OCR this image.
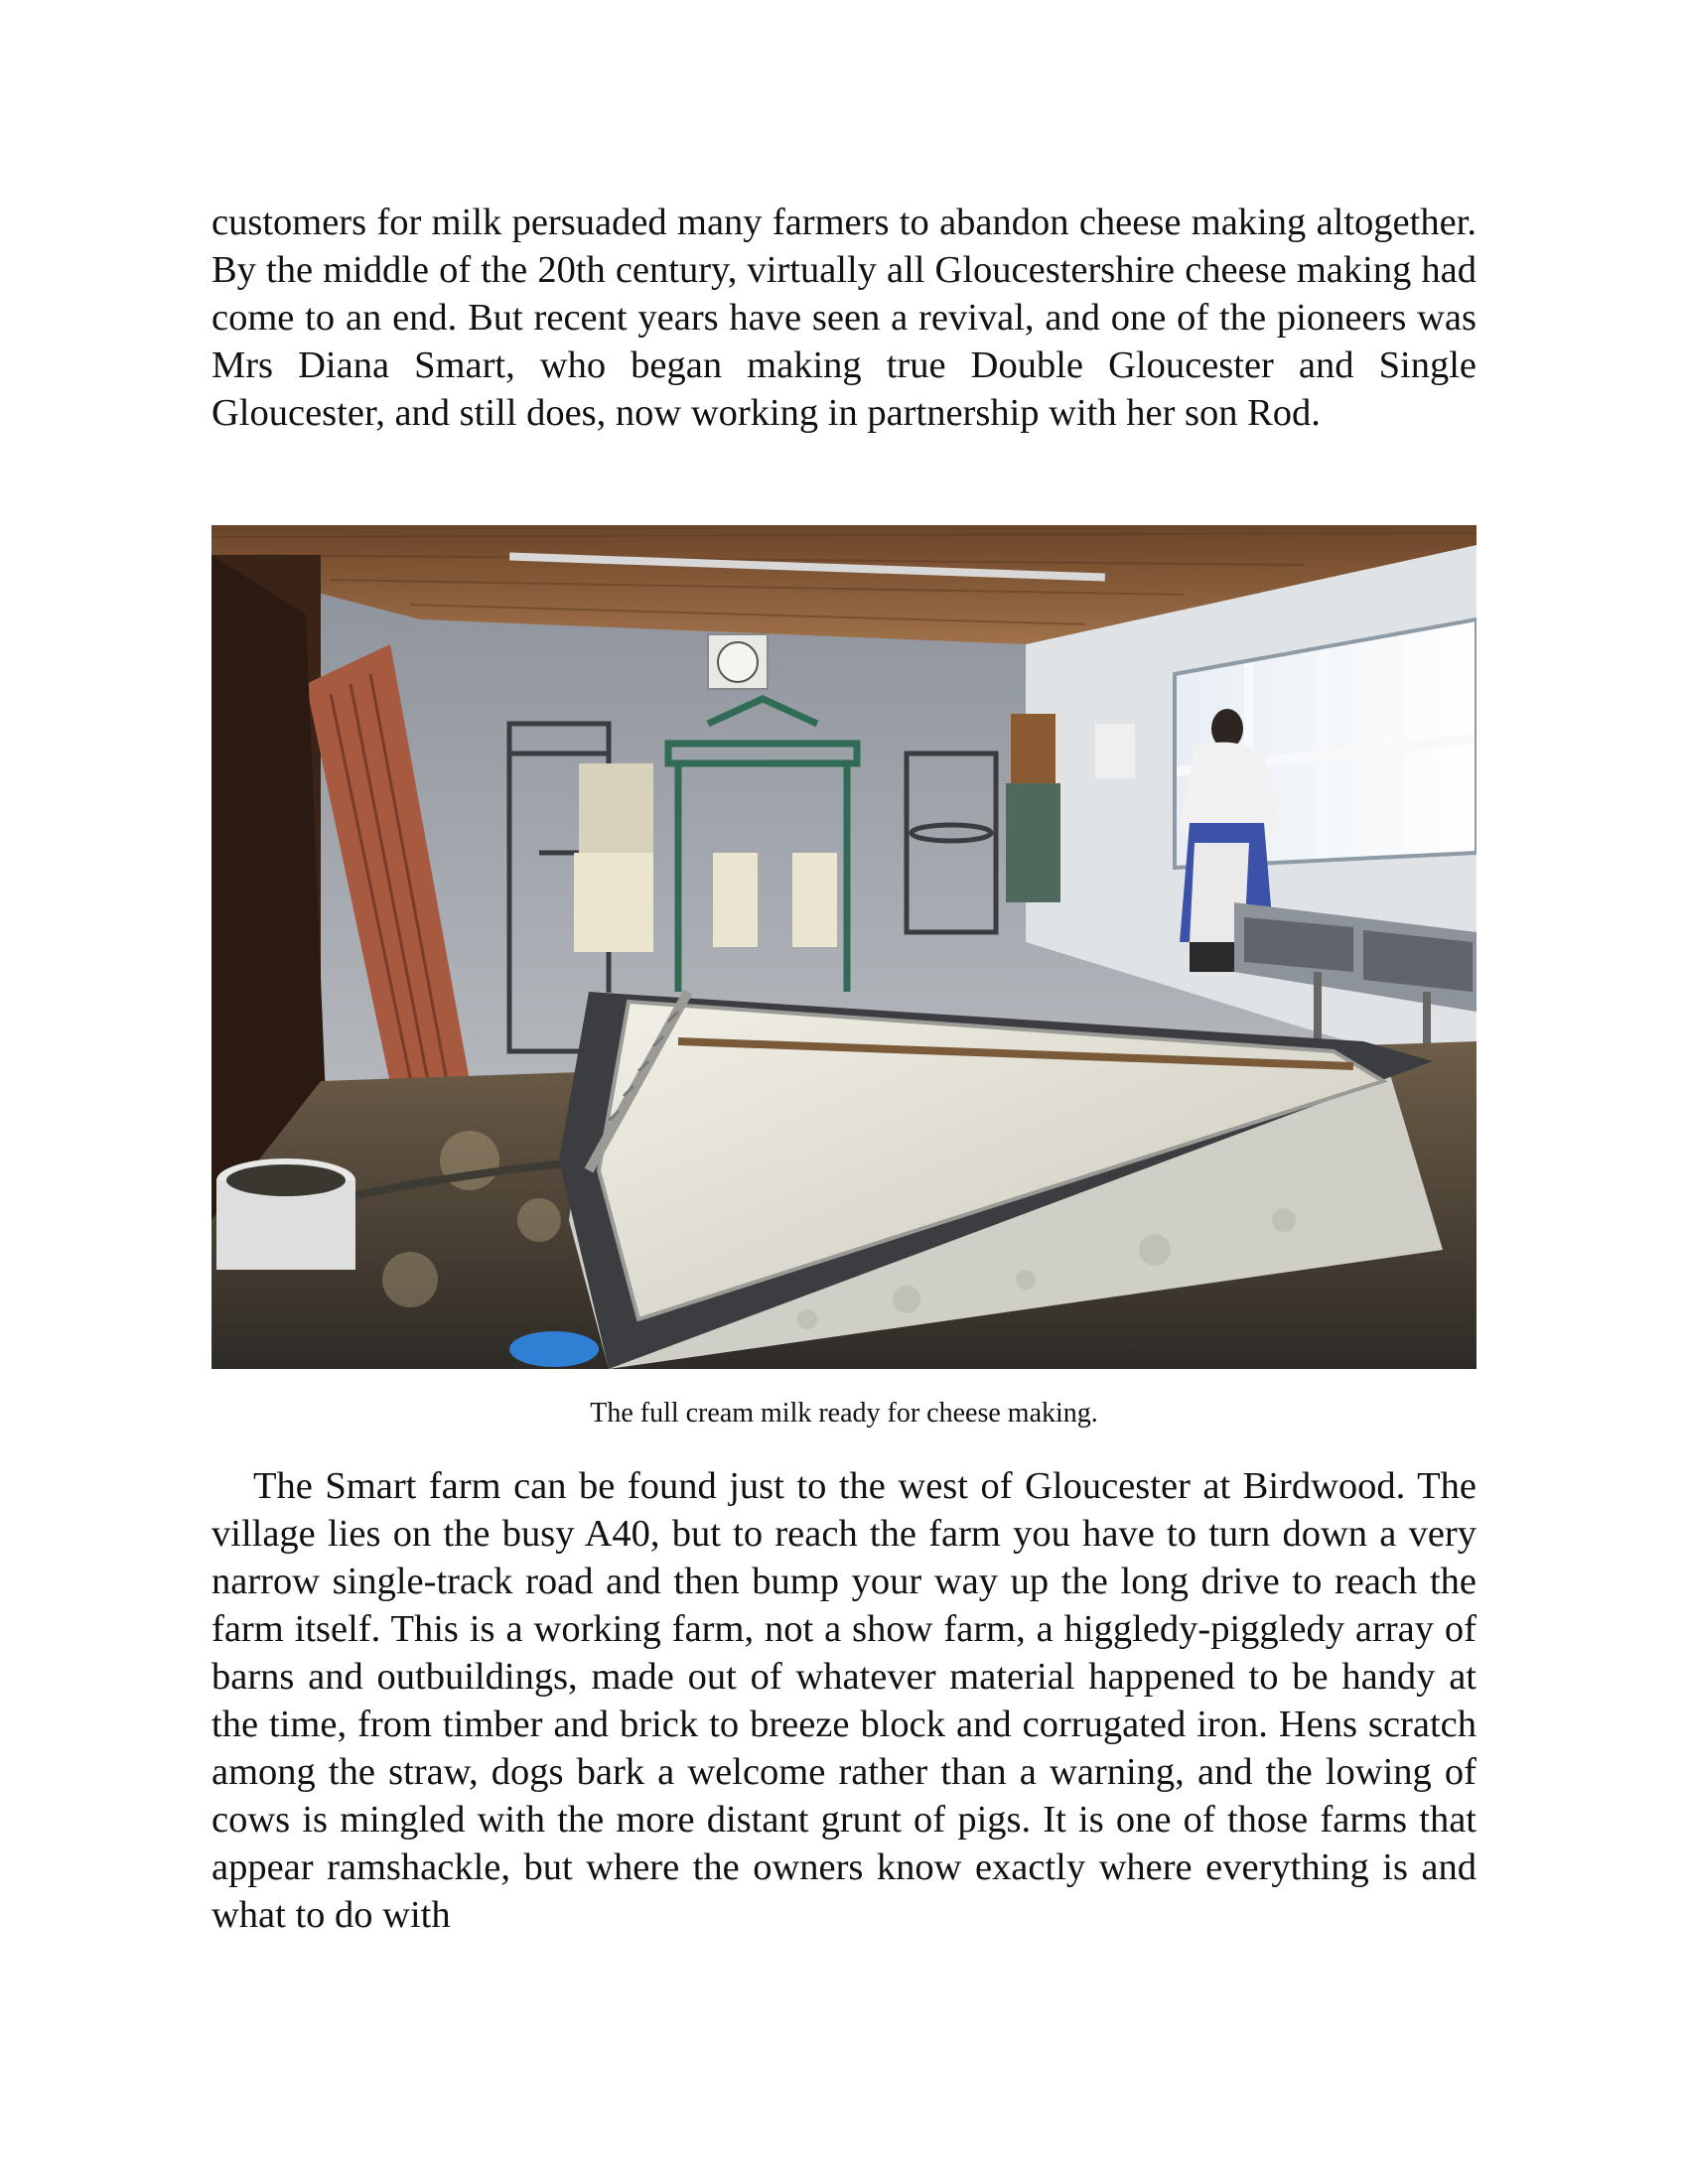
customers for milk persuaded many farmers to abandon cheese making altogether. By the middle of the 20th century, virtually all Gloucestershire cheese making had come to an end. But recent years have seen a revival, and one of the pioneers was Mrs Diana Smart, who began making true Double Gloucester and Single Gloucester, and still does, now working in partnership with her son Rod.

The full cream milk ready for cheese making.

The Smart farm can be found just to the west of Gloucester at Birdwood. The village lies on the busy A40, but to reach the farm you have to turn down a very narrow single-track road and then bump your way up the long drive to reach the farm itself. This is a working farm, not a show farm, a higgledy-piggledy array of barns and outbuildings, made out of whatever material happened to be handy at the time, from timber and brick to breeze block and corrugated iron. Hens scratch among the straw, dogs bark a welcome rather than a warning, and the lowing of cows is mingled with the more distant grunt of pigs. It is one of those farms that appear ramshackle, but where the owners know exactly where everything is and what to do with
